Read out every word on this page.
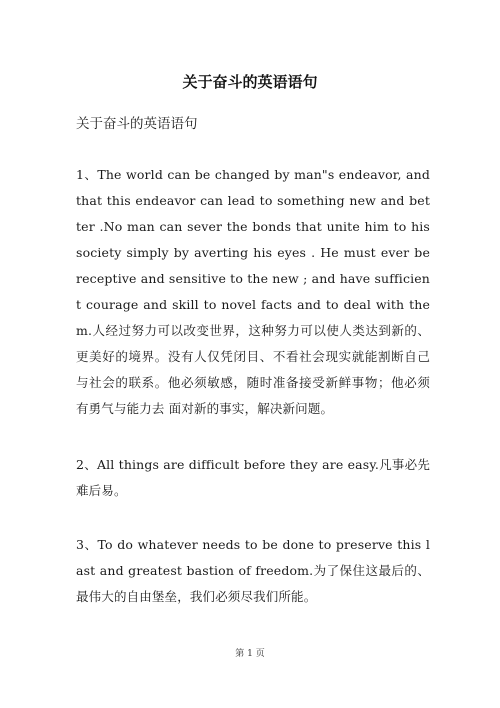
关于奋斗的英语语句
关于奋斗的英语语句
1、The world can be changed by man"s endeavor, and that this endeavor can lead to something new and better .No man can sever the bonds that unite him to his society simply by averting his eyes . He must ever be receptive and sensitive to the new ; and have sufficient courage and skill to novel facts and to deal with them.人经过努力可以改变世界，这种努力可以使人类达到新的、更美好的境界。没有人仅凭闭目、不看社会现实就能割断自己与社会的联系。他必须敏感，随时准备接受新鲜事物；他必须有勇气与能力去 面对新的事实，解决新问题。
2、All things are difficult before they are easy.凡事必先难后易。
3、To do whatever needs to be done to preserve this last and greatest bastion of freedom.为了保住这最后的、最伟大的自由堡垒，我们必须尽我们所能。
第 1 页
